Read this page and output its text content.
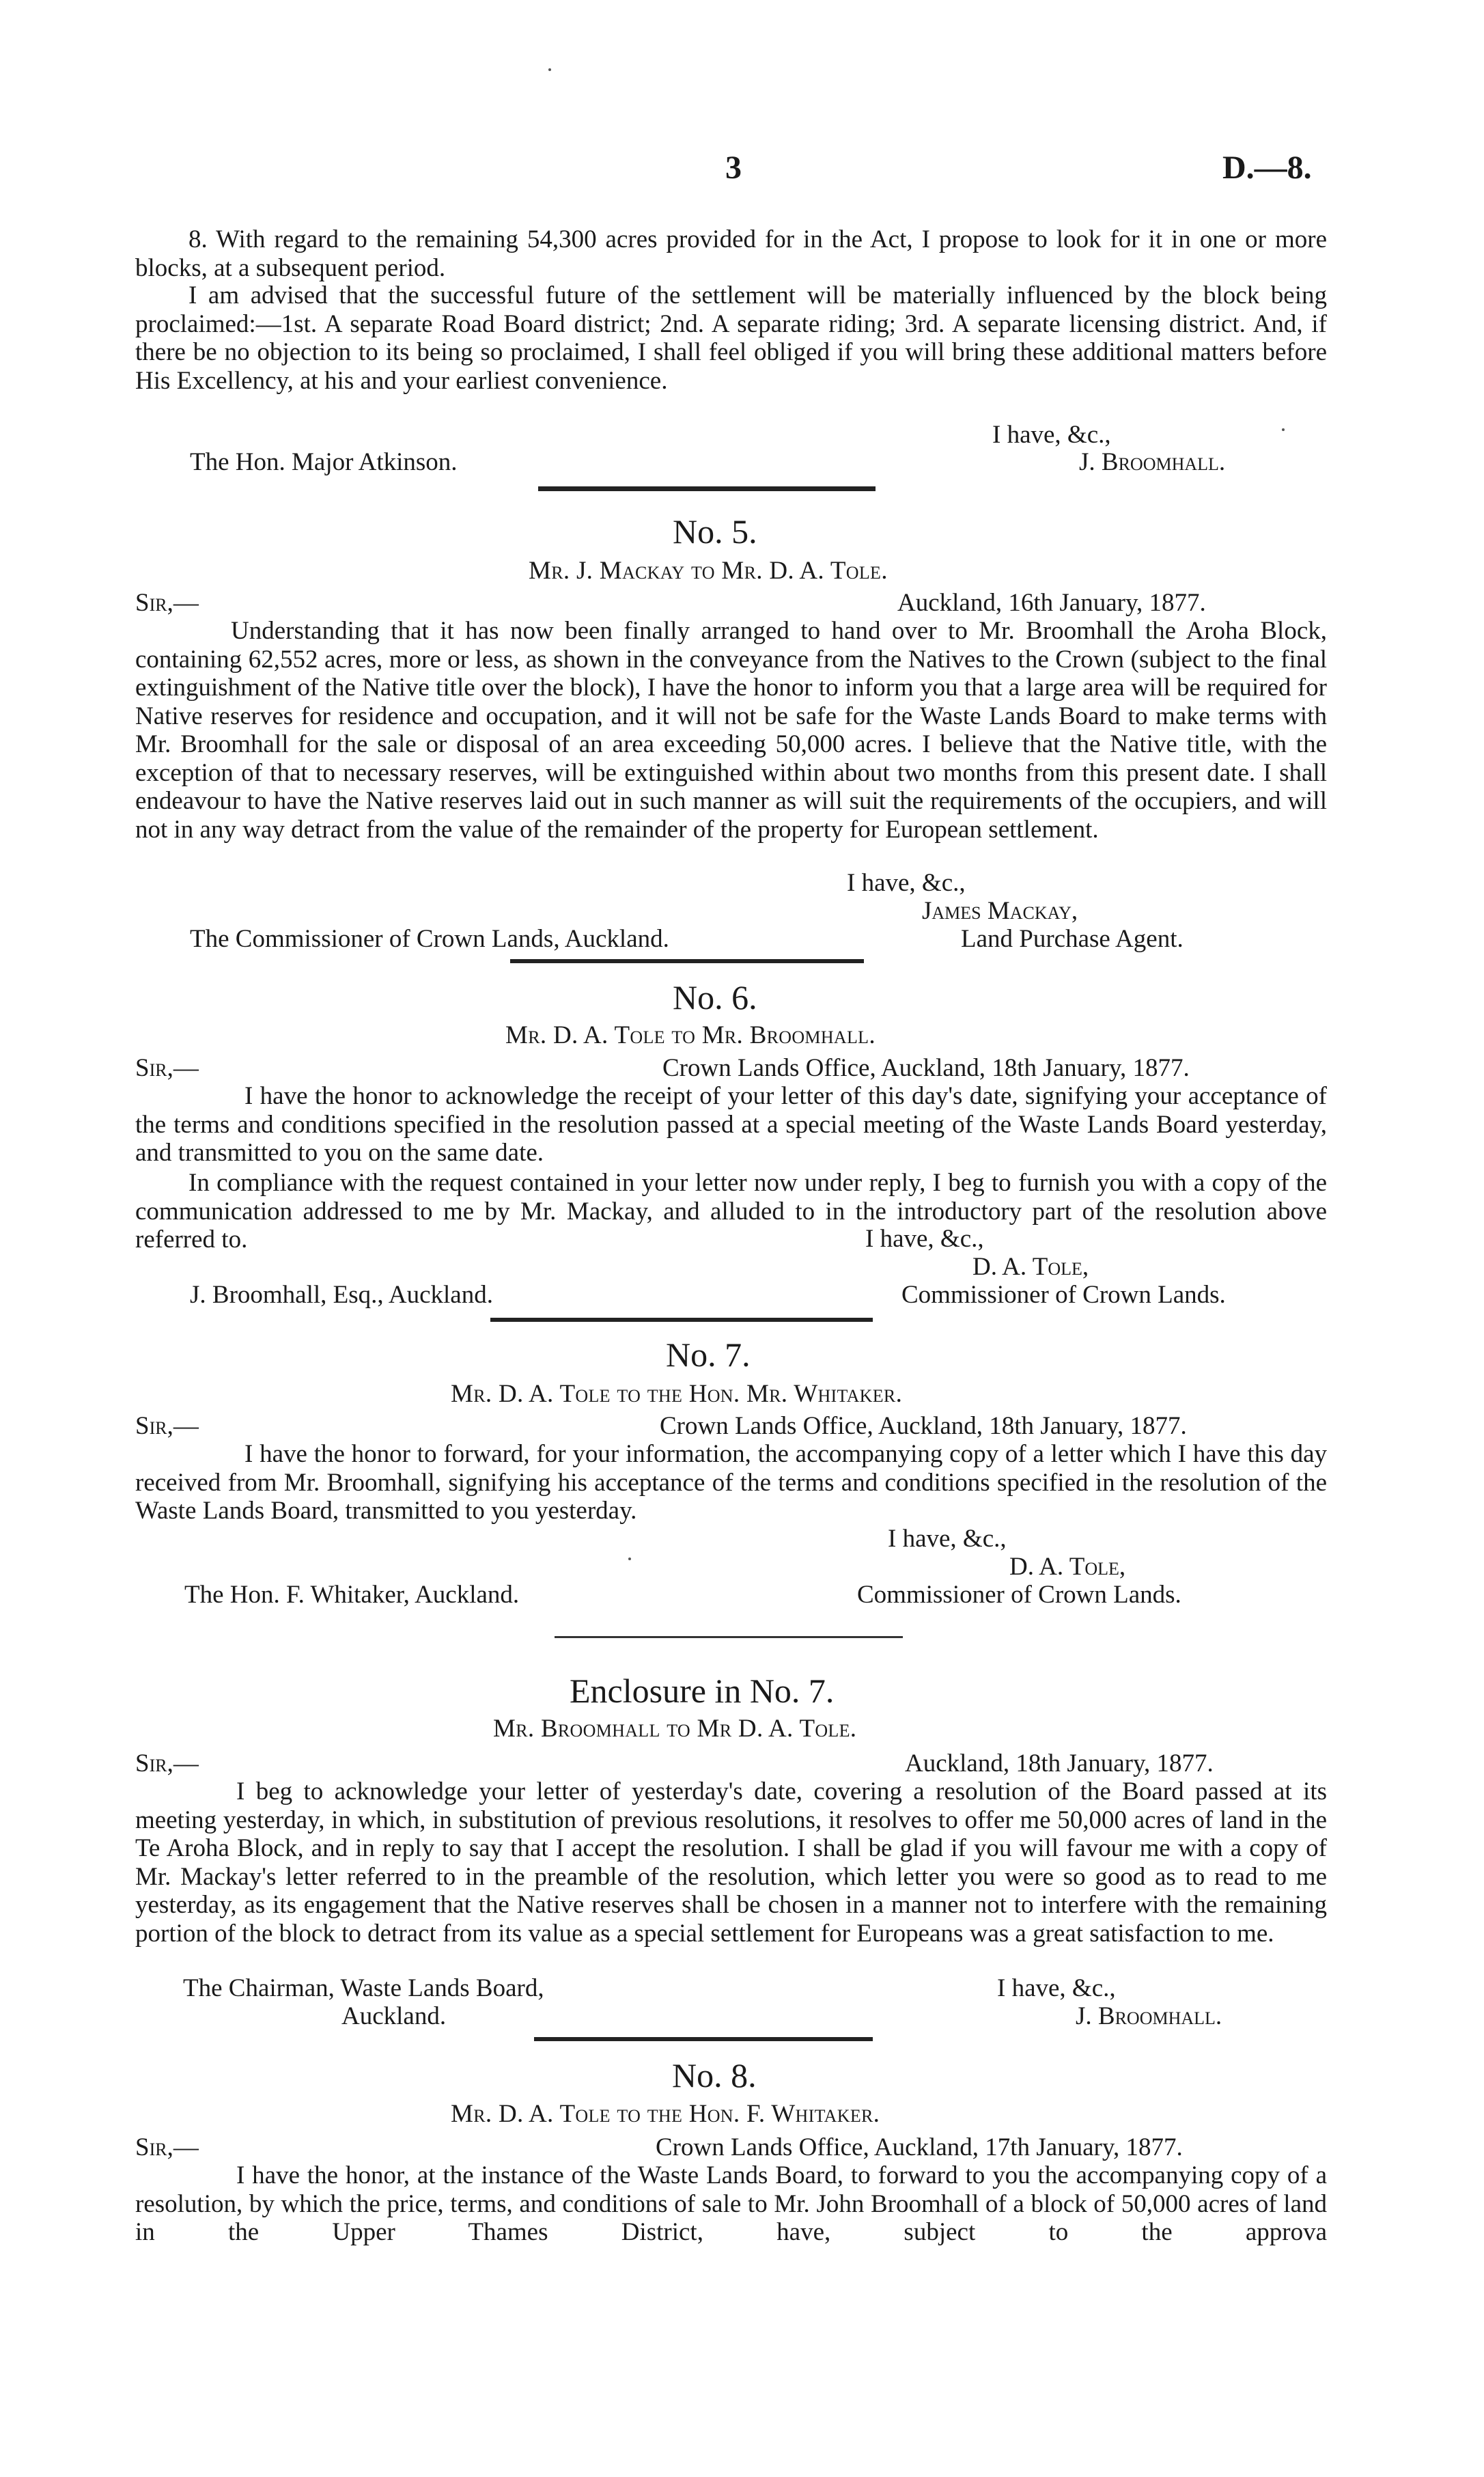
3	D.—8.
8. With regard to the remaining 54,300 acres provided for in the Act, I propose to look for it in one or more blocks, at a subsequent period.
I am advised that the successful future of the settlement will be materially influenced by the block being proclaimed:—1st. A separate Road Board district; 2nd. A separate riding; 3rd. A separate licensing district. And, if there be no objection to its being so proclaimed, I shall feel obliged if you will bring these additional matters before His Excellency, at his and your earliest convenience.
I have, &c.,
The Hon. Major Atkinson.	J. Broomhall.
No. 5.
Mr. J. Mackay to Mr. D. A. Tole.
Sir,—	Auckland, 16th January, 1877.
Understanding that it has now been finally arranged to hand over to Mr. Broomhall the Aroha Block, containing 62,552 acres, more or less, as shown in the conveyance from the Natives to the Crown (subject to the final extinguishment of the Native title over the block), I have the honor to inform you that a large area will be required for Native reserves for residence and occupation, and it will not be safe for the Waste Lands Board to make terms with Mr. Broomhall for the sale or disposal of an area exceeding 50,000 acres. I believe that the Native title, with the exception of that to necessary reserves, will be extinguished within about two months from this present date. I shall endeavour to have the Native reserves laid out in such manner as will suit the requirements of the occupiers, and will not in any way detract from the value of the remainder of the property for European settlement.
I have, &c.,
James Mackay,
The Commissioner of Crown Lands, Auckland.	Land Purchase Agent.
No. 6.
Mr. D. A. Tole to Mr. Broomhall.
Sir,—	Crown Lands Office, Auckland, 18th January, 1877.
I have the honor to acknowledge the receipt of your letter of this day's date, signifying your acceptance of the terms and conditions specified in the resolution passed at a special meeting of the Waste Lands Board yesterday, and transmitted to you on the same date.
In compliance with the request contained in your letter now under reply, I beg to furnish you with a copy of the communication addressed to me by Mr. Mackay, and alluded to in the introductory part of the resolution above referred to.	I have, &c.,
D. A. Tole,
J. Broomhall, Esq., Auckland.	Commissioner of Crown Lands.
No. 7.
Mr. D. A. Tole to the Hon. Mr. Whitaker.
Sir,—	Crown Lands Office, Auckland, 18th January, 1877.
I have the honor to forward, for your information, the accompanying copy of a letter which I have this day received from Mr. Broomhall, signifying his acceptance of the terms and conditions specified in the resolution of the Waste Lands Board, transmitted to you yesterday.
I have, &c.,
D. A. Tole,
The Hon. F. Whitaker, Auckland.	Commissioner of Crown Lands.
Enclosure in No. 7.
Mr. Broomhall to Mr D. A. Tole.
Sir,—	Auckland, 18th January, 1877.
I beg to acknowledge your letter of yesterday's date, covering a resolution of the Board passed at its meeting yesterday, in which, in substitution of previous resolutions, it resolves to offer me 50,000 acres of land in the Te Aroha Block, and in reply to say that I accept the resolution. I shall be glad if you will favour me with a copy of Mr. Mackay's letter referred to in the preamble of the resolution, which letter you were so good as to read to me yesterday, as its engagement that the Native reserves shall be chosen in a manner not to interfere with the remaining portion of the block to detract from its value as a special settlement for Europeans was a great satisfaction to me.
The Chairman, Waste Lands Board,	I have, &c.,
Auckland.	J. Broomhall.
No. 8.
Mr. D. A. Tole to the Hon. F. Whitaker.
Sir,—	Crown Lands Office, Auckland, 17th January, 1877.
I have the honor, at the instance of the Waste Lands Board, to forward to you the accompanying copy of a resolution, by which the price, terms, and conditions of sale to Mr. John Broomhall of a block of 50,000 acres of land in the Upper Thames District, have, subject to the approva
